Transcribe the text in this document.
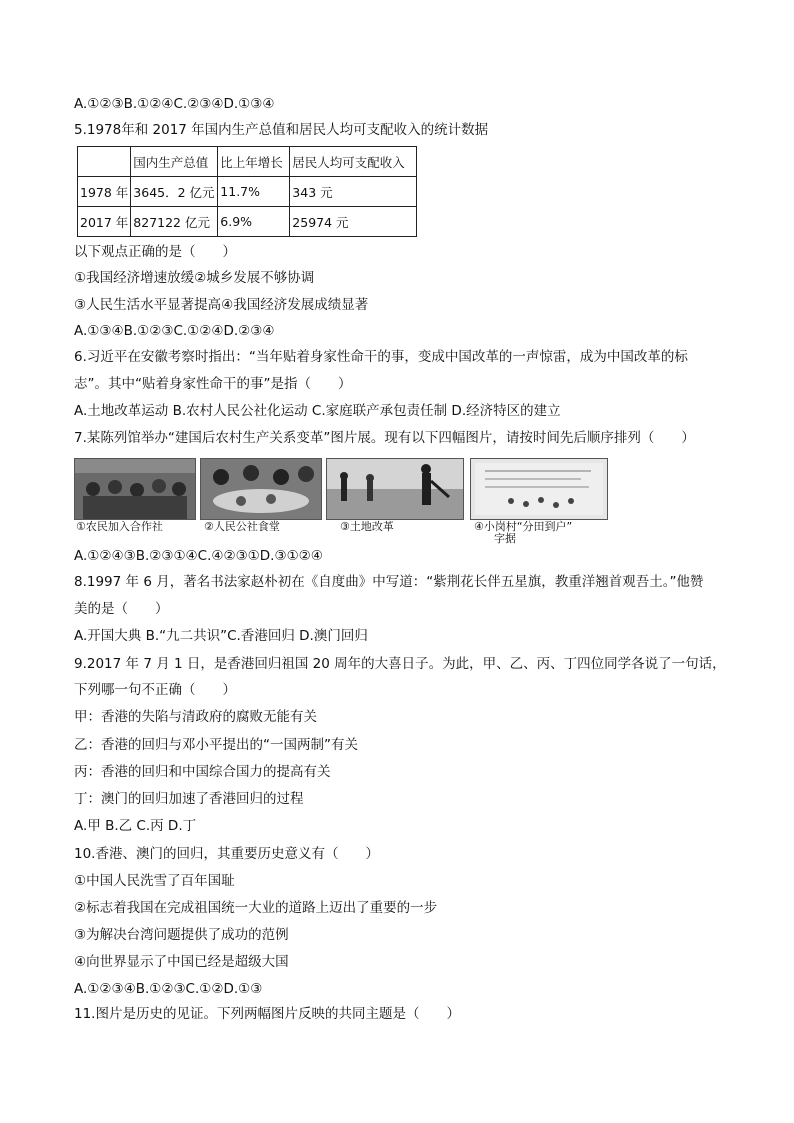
A.①②③B.①②④C.②③④D.①③④
5.1978年和 2017 年国内生产总值和居民人均可支配收入的统计数据
	国内生产总值	比上年增长	居民人均可支配收入
1978 年	3645．2 亿元	11.7%	343 元
2017 年	827122 亿元	6.9%	25974 元
以下观点正确的是（　　）
①我国经济增速放缓②城乡发展不够协调
③人民生活水平显著提高④我国经济发展成绩显著
A.①③④B.①②③C.①②④D.②③④
6.习近平在安徽考察时指出：“当年贴着身家性命干的事，变成中国改革的一声惊雷，成为中国改革的标
志”。其中“贴着身家性命干的事”是指（　　）
A.土地改革运动 B.农村人民公社化运动 C.家庭联产承包责任制 D.经济特区的建立
7.某陈列馆举办“建国后农村生产关系变革”图片展。现有以下四幅图片，请按时间先后顺序排列（　　）
①农民加入合作社	②人民公社食堂	③土地改革	④小岗村“分田到户”
字据
A.①②④③B.②③①④C.④②③①D.③①②④
8.1997 年 6 月，著名书法家赵朴初在《自度曲》中写道：“紫荆花长伴五星旗，教重洋翘首观吾土。”他赞
美的是（　　）
A.开国大典 B.“九二共识”C.香港回归 D.澳门回归
9.2017 年 7 月 1 日，是香港回归祖国 20 周年的大喜日子。为此，甲、乙、丙、丁四位同学各说了一句话，
下列哪一句不正确（　　）
甲：香港的失陷与清政府的腐败无能有关
乙：香港的回归与邓小平提出的“一国两制”有关
丙：香港的回归和中国综合国力的提高有关
丁：澳门的回归加速了香港回归的过程
A.甲 B.乙 C.丙 D.丁
10.香港、澳门的回归，其重要历史意义有（　　）
①中国人民洗雪了百年国耻
②标志着我国在完成祖国统一大业的道路上迈出了重要的一步
③为解决台湾问题提供了成功的范例
④向世界显示了中国已经是超级大国
A.①②③④B.①②③C.①②D.①③
11.图片是历史的见证。下列两幅图片反映的共同主题是（　　）
